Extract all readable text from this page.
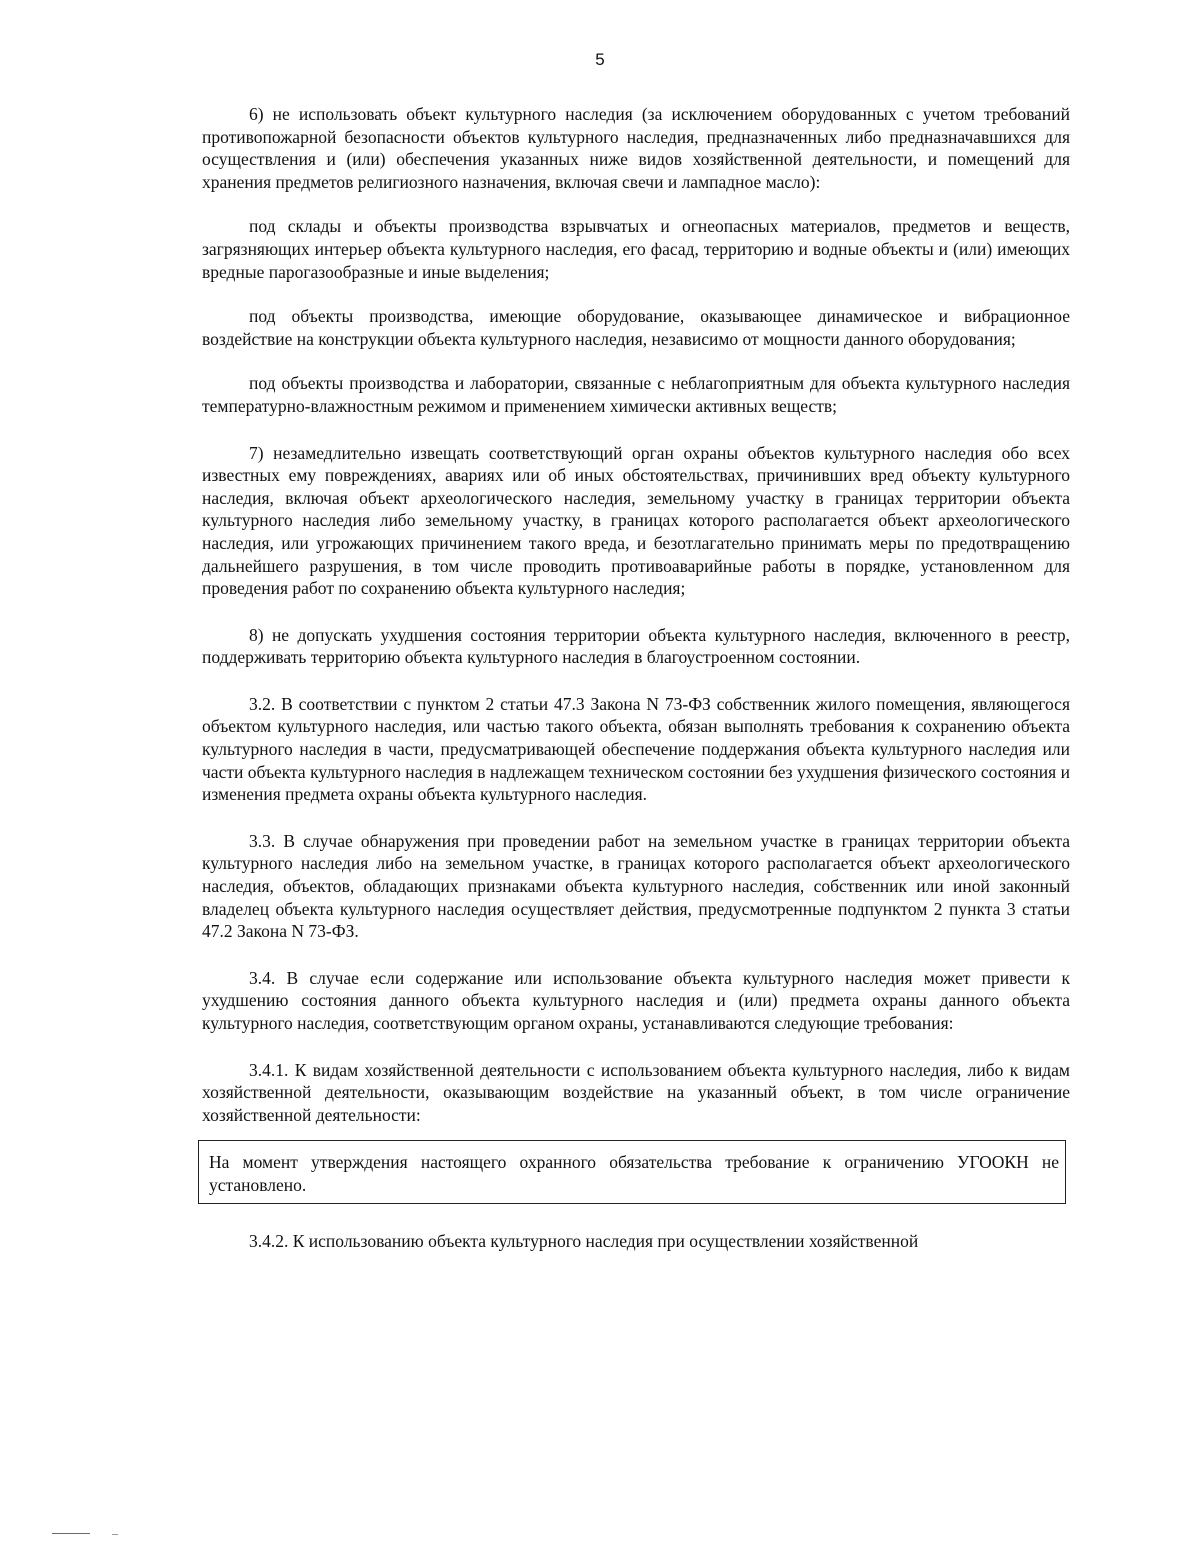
5

6) не использовать объект культурного наследия (за исключением оборудованных с учетом требований противопожарной безопасности объектов культурного наследия, предназначенных либо предназначавшихся для осуществления и (или) обеспечения указанных ниже видов хозяйственной деятельности, и помещений для хранения предметов религиозного назначения, включая свечи и лампадное масло):

под склады и объекты производства взрывчатых и огнеопасных материалов, предметов и веществ, загрязняющих интерьер объекта культурного наследия, его фасад, территорию и водные объекты и (или) имеющих вредные парогазообразные и иные выделения;

под объекты производства, имеющие оборудование, оказывающее динамическое и вибрационное воздействие на конструкции объекта культурного наследия, независимо от мощности данного оборудования;

под объекты производства и лаборатории, связанные с неблагоприятным для объекта культурного наследия температурно-влажностным режимом и применением химически активных веществ;

7) незамедлительно извещать соответствующий орган охраны объектов культурного наследия обо всех известных ему повреждениях, авариях или об иных обстоятельствах, причинивших вред объекту культурного наследия, включая объект археологического наследия, земельному участку в границах территории объекта культурного наследия либо земельному участку, в границах которого располагается объект археологического наследия, или угрожающих причинением такого вреда, и безотлагательно принимать меры по предотвращению дальнейшего разрушения, в том числе проводить противоаварийные работы в порядке, установленном для проведения работ по сохранению объекта культурного наследия;

8) не допускать ухудшения состояния территории объекта культурного наследия, включенного в реестр, поддерживать территорию объекта культурного наследия в благоустроенном состоянии.

3.2. В соответствии с пунктом 2 статьи 47.3 Закона N 73-ФЗ собственник жилого помещения, являющегося объектом культурного наследия, или частью такого объекта, обязан выполнять требования к сохранению объекта культурного наследия в части, предусматривающей обеспечение поддержания объекта культурного наследия или части объекта культурного наследия в надлежащем техническом состоянии без ухудшения физического состояния и изменения предмета охраны объекта культурного наследия.

3.3. В случае обнаружения при проведении работ на земельном участке в границах территории объекта культурного наследия либо на земельном участке, в границах которого располагается объект археологического наследия, объектов, обладающих признаками объекта культурного наследия, собственник или иной законный владелец объекта культурного наследия осуществляет действия, предусмотренные подпунктом 2 пункта 3 статьи 47.2 Закона N 73-ФЗ.

3.4. В случае если содержание или использование объекта культурного наследия может привести к ухудшению состояния данного объекта культурного наследия и (или) предмета охраны данного объекта культурного наследия, соответствующим органом охраны, устанавливаются следующие требования:

3.4.1. К видам хозяйственной деятельности с использованием объекта культурного наследия, либо к видам хозяйственной деятельности, оказывающим воздействие на указанный объект, в том числе ограничение хозяйственной деятельности:

На момент утверждения настоящего охранного обязательства требование к ограничению УГООКН не установлено.

3.4.2. К использованию объекта культурного наследия при осуществлении хозяйственной
